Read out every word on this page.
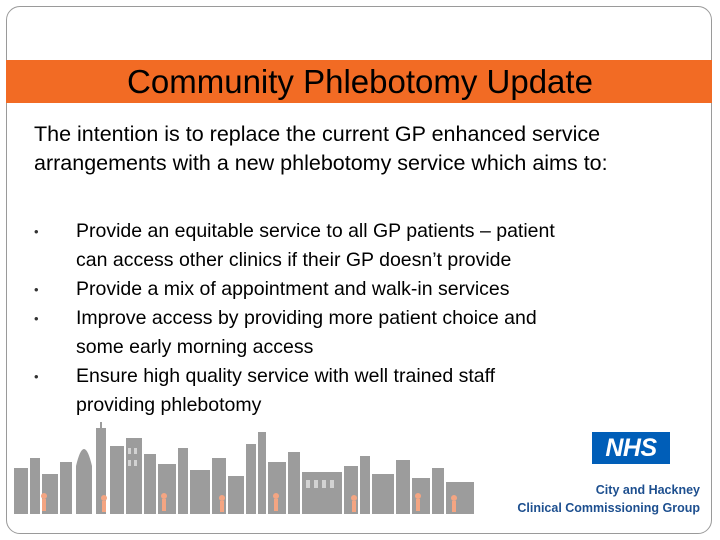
Community Phlebotomy Update

The intention is to replace the current GP enhanced service arrangements with a new phlebotomy service which aims to:

• Provide an equitable service to all GP patients – patient
can access other clinics if their GP doesn’t provide
• Provide a mix of appointment and walk-in services
• Improve access by providing more patient choice and
some early morning access
• Ensure high quality service with well trained staff
providing phlebotomy
NHS
City and Hackney
Clinical Commissioning Group
